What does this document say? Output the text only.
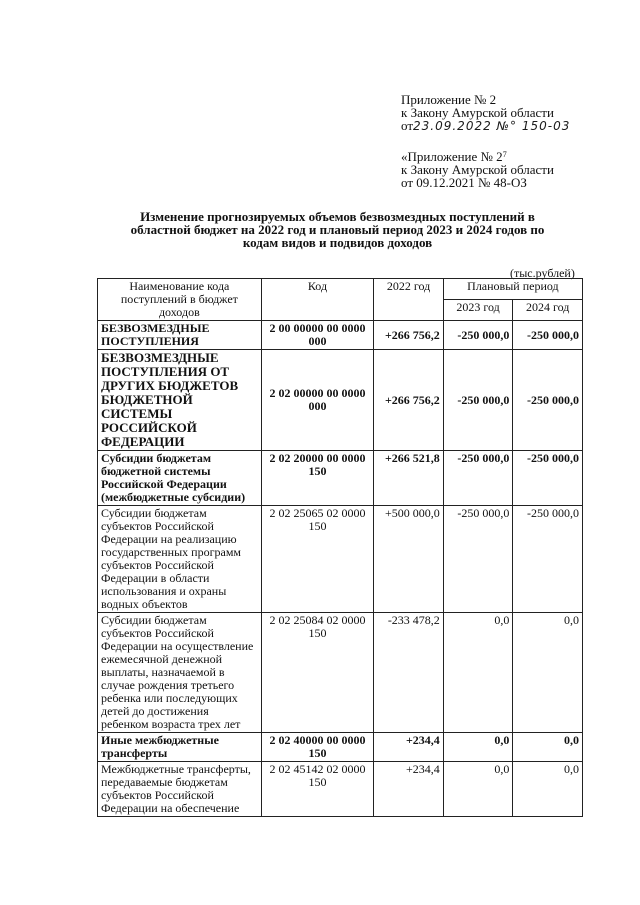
Приложение № 2
к Закону Амурской области
от23.09.2022 №° 150-03
«Приложение № $2^7$
к Закону Амурской области
от 09.12.2021 № 48-ОЗ
Изменение прогнозируемых объемов безвозмездных поступлений в
областной бюджет на 2022 год и плановый период 2023 и 2024 годов по
кодам видов и подвидов доходов
(тыс.рублей)
Наименование кода поступлений в бюджет доходов	Код	2022 год	Плановый период	
			2023 год	2024 год
БЕЗВОЗМЕЗДНЫЕ ПОСТУПЛЕНИЯ	2 00 00000 00 0000 000	+266 756,2	-250 000,0	-250 000,0
БЕЗВОЗМЕЗДНЫЕ ПОСТУПЛЕНИЯ ОТ ДРУГИХ БЮДЖЕТОВ БЮДЖЕТНОЙ СИСТЕМЫ РОССИЙСКОЙ ФЕДЕРАЦИИ	2 02 00000 00 0000 000	+266 756,2	-250 000,0	-250 000,0
Субсидии бюджетам бюджетной системы Российской Федерации (межбюджетные субсидии)	2 02 20000 00 0000 150	+266 521,8	-250 000,0	-250 000,0
Субсидии бюджетам субъектов Российской Федерации на реализацию государственных программ субъектов Российской Федерации в области использования и охраны водных объектов	2 02 25065 02 0000 150	+500 000,0	-250 000,0	-250 000,0
Субсидии бюджетам субъектов Российской Федерации на осуществление ежемесячной денежной выплаты, назначаемой в случае рождения третьего ребенка или последующих детей до достижения ребенком возраста трех лет	2 02 25084 02 0000 150	-233 478,2	0,0	0,0
Иные межбюджетные трансферты	2 02 40000 00 0000 150	+234,4	0,0	0,0
Межбюджетные трансферты, передаваемые бюджетам субъектов Российской Федерации на обеспечение	2 02 45142 02 0000 150	+234,4	0,0	0,0
